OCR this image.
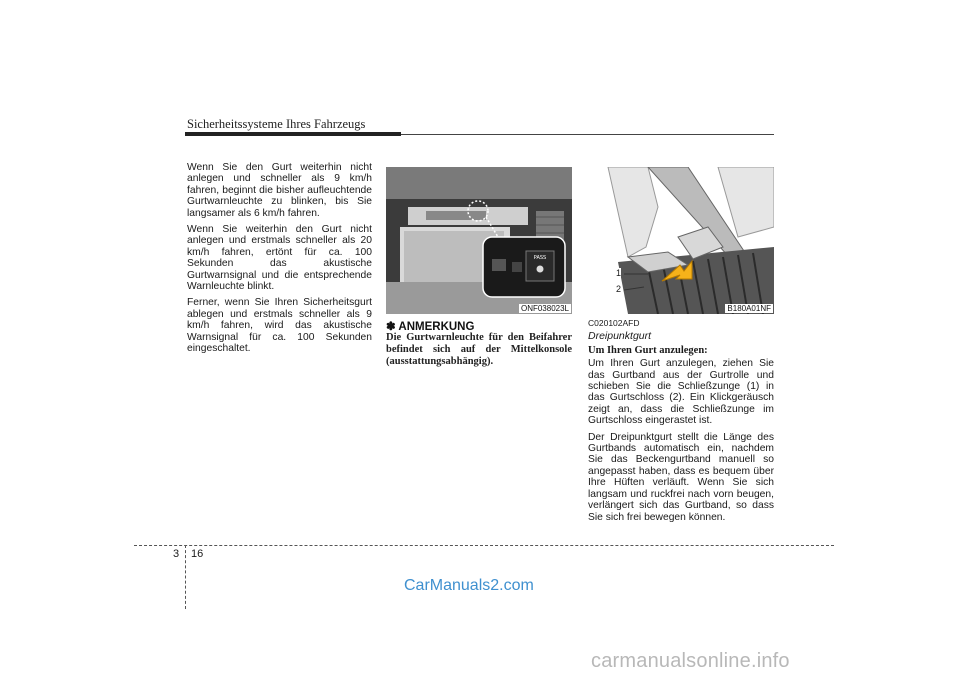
Sicherheitssysteme Ihres Fahrzeugs

Wenn Sie den Gurt weiterhin nicht anlegen und schneller als 9 km/h fahren, beginnt die bisher aufleuchtende Gurtwarnleuchte zu blinken, bis Sie langsamer als 6 km/h fahren.

Wenn Sie weiterhin den Gurt nicht anlegen und erstmals schneller als 20 km/h fahren, ertönt für ca. 100 Sekunden das akustische Gurtwarnsignal und die entsprechende Warnleuchte blinkt.

Ferner, wenn Sie Ihren Sicherheitsgurt ablegen und erstmals schneller als 9 km/h fahren, wird das akustische Warnsignal für ca. 100 Sekunden eingeschaltet.

PASS
ONF038023L
✽ ANMERKUNG
Die Gurtwarnleuchte für den Beifahrer befindet sich auf der Mittelkonsole (ausstattungsabhängig).
1
2
B180A01NF
C020102AFD
Dreipunktgurt
Um Ihren Gurt anzulegen:

Um Ihren Gurt anzulegen, ziehen Sie das Gurtband aus der Gurtrolle und schieben Sie die Schließzunge (1) in das Gurtschloss (2). Ein Klickgeräusch zeigt an, dass die Schließzunge im Gurtschloss eingerastet ist.

Der Dreipunktgurt stellt die Länge des Gurtbands automatisch ein, nachdem Sie das Beckengurtband manuell so angepasst haben, dass es bequem über Ihre Hüften verläuft. Wenn Sie sich langsam und ruckfrei nach vorn beugen, verlängert sich das Gurtband, so dass Sie sich frei bewegen können.

3 16
CarManuals2.com
carmanualsonline.info
